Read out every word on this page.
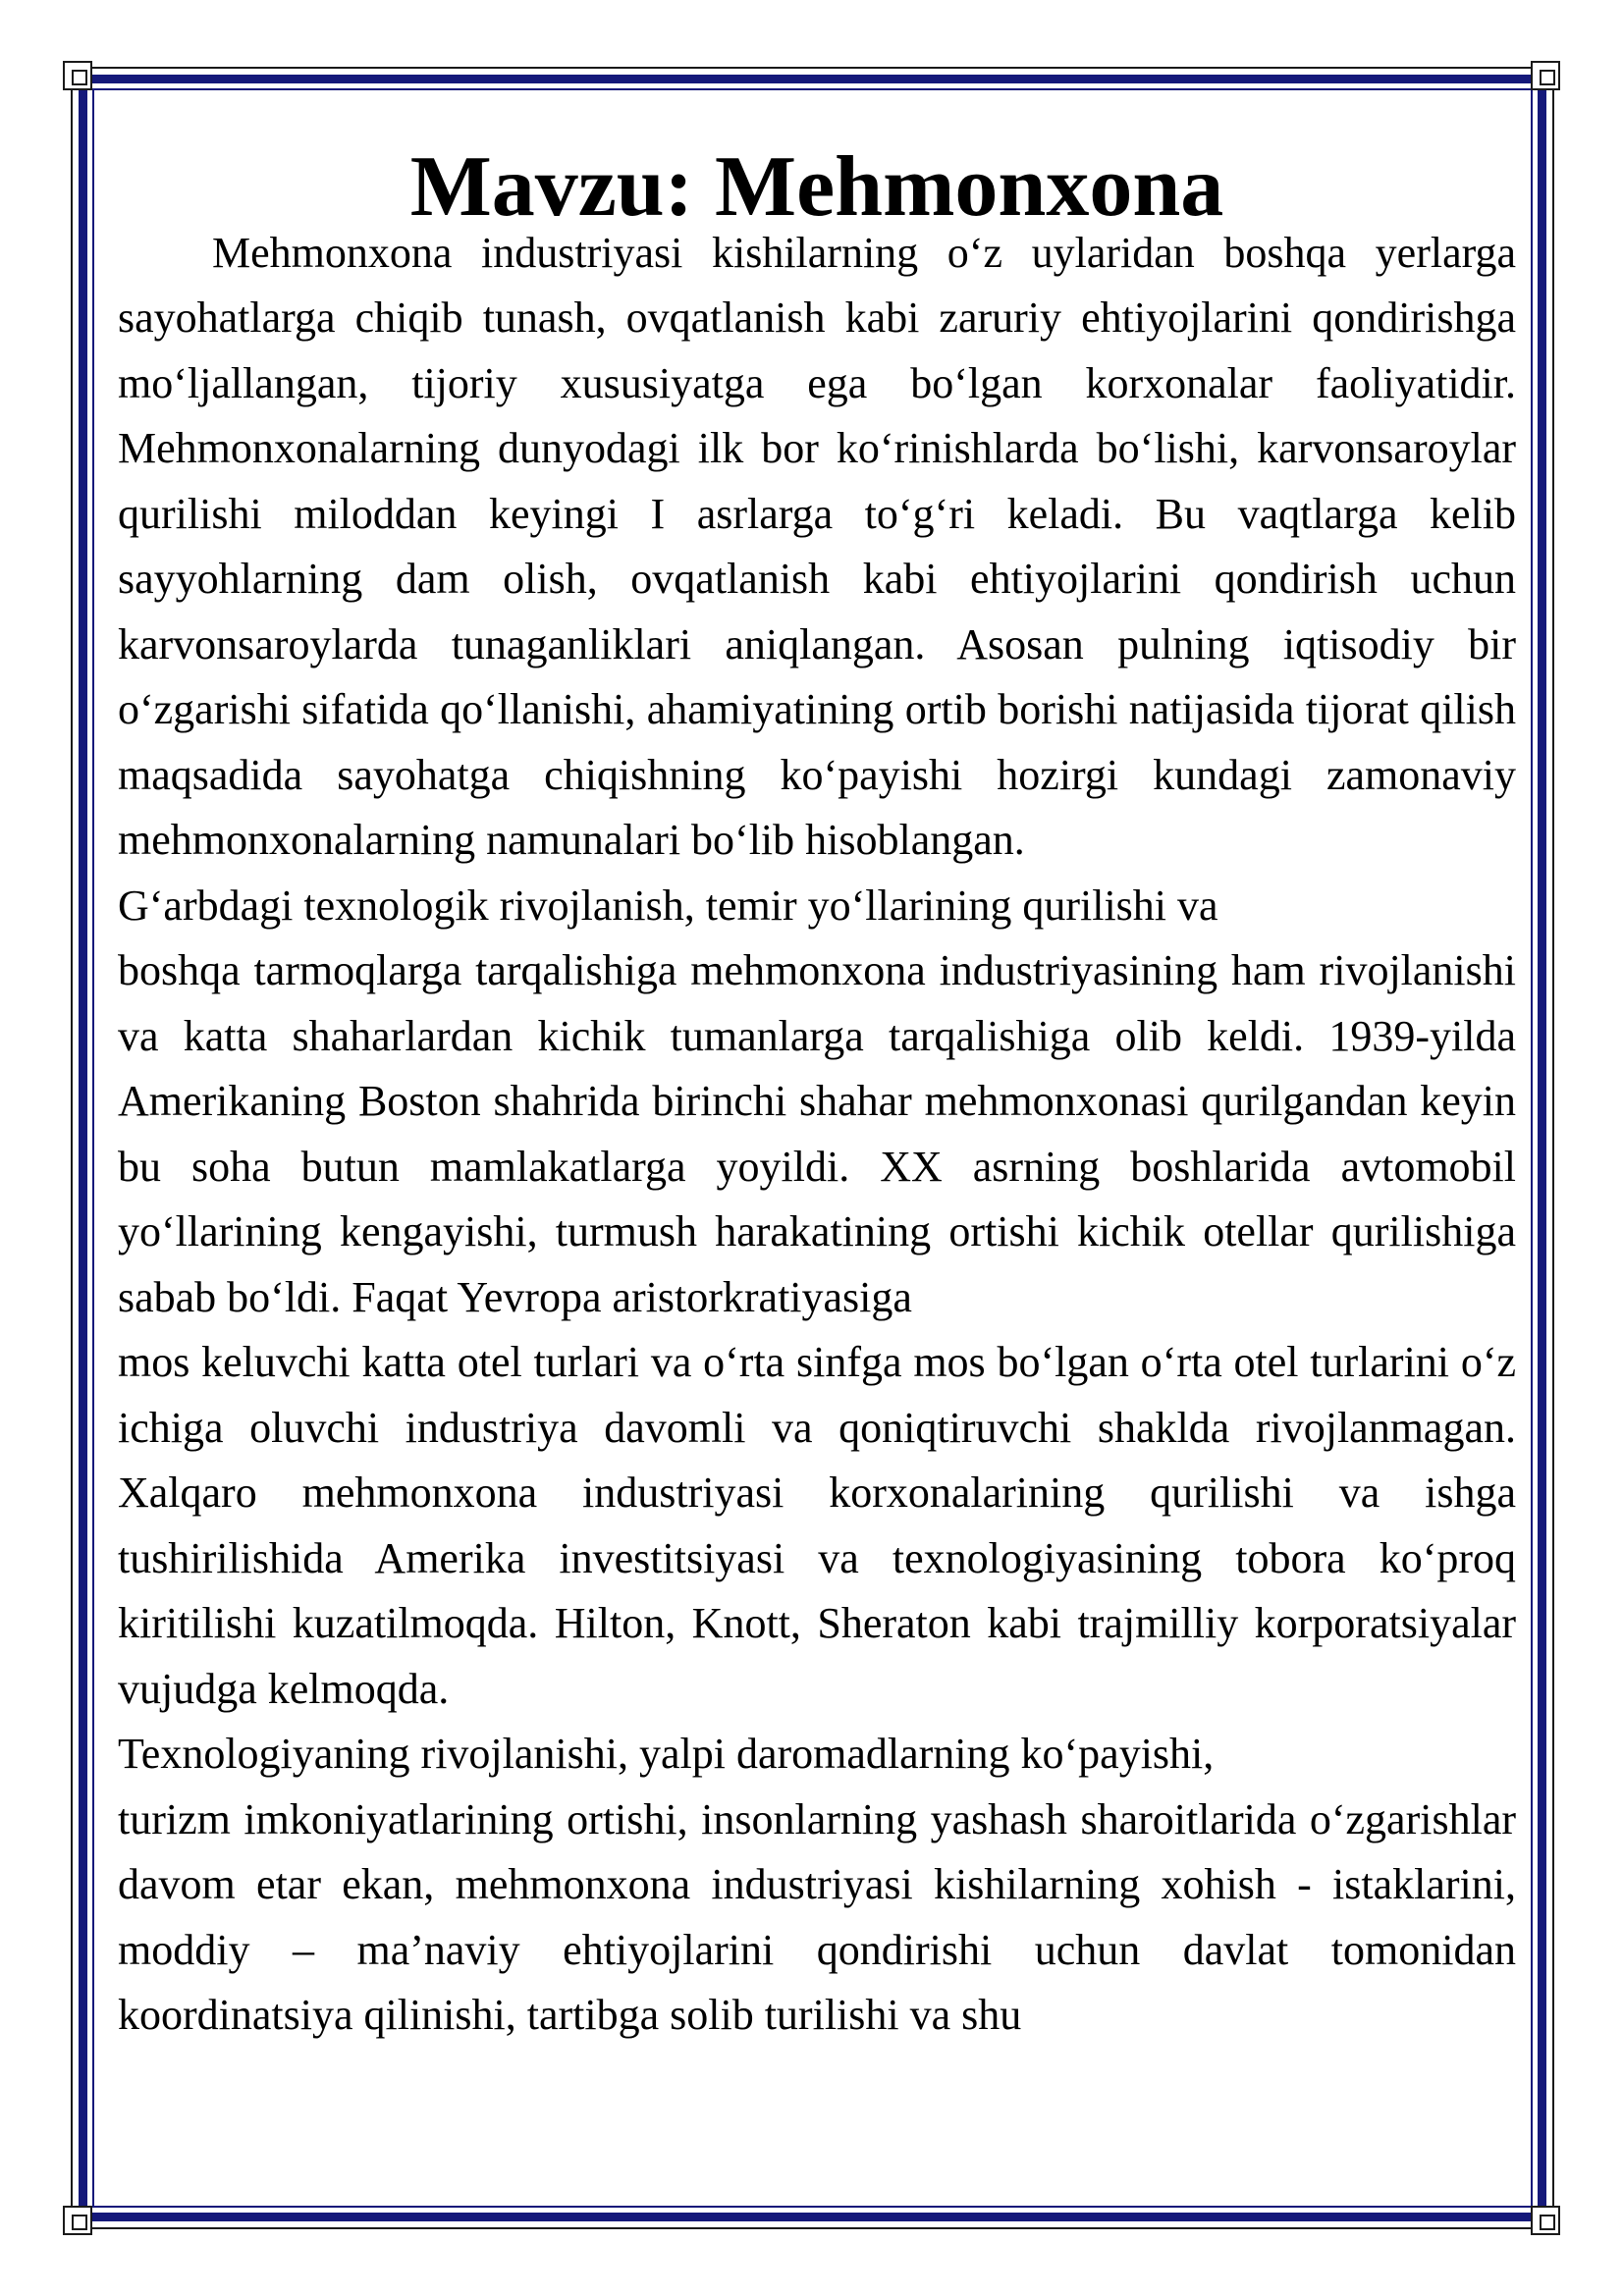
Mavzu: Mehmonxona

Mehmonxona industriyasi kishilarning o‘z uylaridan boshqa yerlarga sayohatlarga chiqib tunash, ovqatlanish kabi zaruriy ehtiyojlarini qondirishga mo‘ljallangan, tijoriy xususiyatga ega bo‘lgan korxonalar faoliyatidir. Mehmonxonalarning dunyodagi ilk bor ko‘rinishlarda bo‘lishi, karvonsaroylar qurilishi miloddan keyingi I asrlarga to‘g‘ri keladi. Bu vaqtlarga kelib sayyohlarning dam olish, ovqatlanish kabi ehtiyojlarini qondirish uchun karvonsaroylarda tunaganliklari aniqlangan. Asosan pulning iqtisodiy bir o‘zgarishi sifatida qo‘llanishi, ahamiyatining ortib borishi natijasida tijorat qilish maqsadida sayohatga chiqishning ko‘payishi hozirgi kundagi zamonaviy mehmonxonalarning namunalari bo‘lib hisoblangan.

G‘arbdagi texnologik rivojlanish, temir yo‘llarining qurilishi va

boshqa tarmoqlarga tarqalishiga mehmonxona industriyasining ham rivojlanishi va katta shaharlardan kichik tumanlarga tarqalishiga olib keldi. 1939-yilda Amerikaning Boston shahrida birinchi shahar mehmonxonasi qurilgandan keyin bu soha butun mamlakatlarga yoyildi. XX asrning boshlarida avtomobil yo‘llarining kengayishi, turmush harakatining ortishi kichik otellar qurilishiga sabab bo‘ldi. Faqat Yevropa aristorkratiyasiga

mos keluvchi katta otel turlari va o‘rta sinfga mos bo‘lgan o‘rta otel turlarini o‘z ichiga oluvchi industriya davomli va qoniqtiruvchi shaklda rivojlanmagan. Xalqaro mehmonxona industriyasi korxonalarining qurilishi va ishga tushirilishida Amerika investitsiyasi va texnologiyasining tobora ko‘proq kiritilishi kuzatilmoqda. Hilton, Knott, Sheraton kabi trajmilliy korporatsiyalar vujudga kelmoqda.

Texnologiyaning rivojlanishi, yalpi daromadlarning ko‘payishi,

turizm imkoniyatlarining ortishi, insonlarning yashash sharoitlarida o‘zgarishlar davom etar ekan, mehmonxona industriyasi kishilarning xohish - istaklarini, moddiy – ma’naviy ehtiyojlarini qondirishi uchun davlat tomonidan koordinatsiya qilinishi, tartibga solib turilishi va shu
